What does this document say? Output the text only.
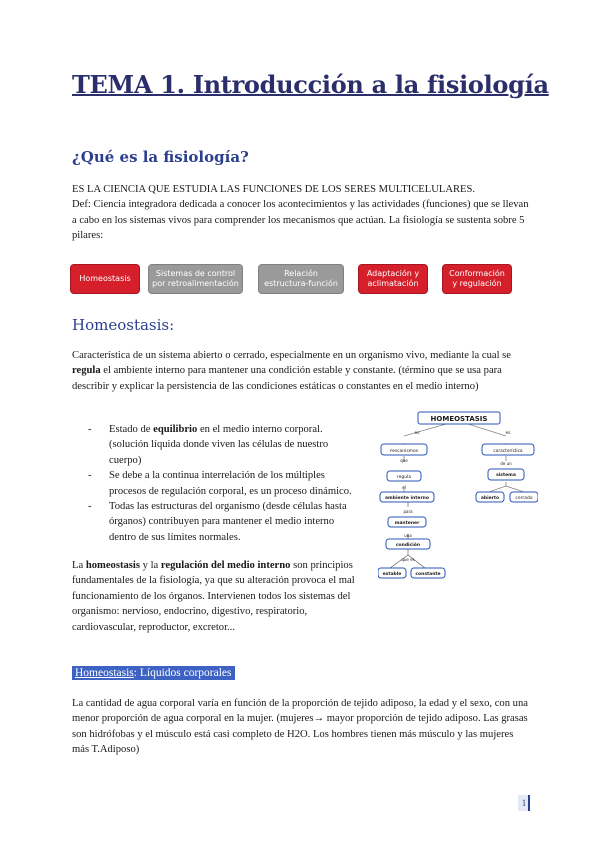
TEMA 1. Introducción a la fisiología
¿Qué es la fisiología?
ES LA CIENCIA QUE ESTUDIA LAS FUNCIONES DE LOS SERES MULTICELULARES.
Def: Ciencia integradora dedicada a conocer los acontecimientos y las actividades (funciones) que se llevan a cabo en los sistemas vivos para comprender los mecanismos que actúan. La fisiología se sustenta sobre 5 pilares:
Homeostasis
Sistemas de control por retroalimentación
Relación estructura-función
Adaptación y aclimatación
Conformación y regulación
Homeostasis:
Característica de un sistema abierto o cerrado, especialmente en un organismo vivo, mediante la cual se regula el ambiente interno para mantener una condición estable y constante. (término que se usa para describir y explicar la persistencia de las condiciones estáticas o constantes en el medio interno)
- Estado de equilibrio en el medio interno corporal.(solución líquida donde viven las células de nuestro cuerpo)
- Se debe a la continua interrelación de los múltiples procesos de regulación corporal, es un proceso dinámico.
- Todas las estructuras del organismo (desde células hasta órganos) contribuyen para mantener el medio interno dentro de sus límites normales.
La homeostasis y la regulación del medio interno son principios fundamentales de la fisiología, ya que su alteración provoca el mal funcionamiento de los órganos. Intervienen todos los sistemas del organismo: nervioso, endocrino, digestivo, respiratorio, cardiovascular, reproductor, excretor...
HOMEOSTASIS
es	es
mecanismos
que
regula
el
ambiente interno
para
mantener
una
condición
que es
estable	constante
característica
de un
sistema
abierto	cerrado
Homeostasis: Líquidos corporales
La cantidad de agua corporal varía en función de la proporción de tejido adiposo, la edad y el sexo, con una menor proporción de agua corporal en la mujer. (mujeres→ mayor proporción de tejido adiposo. Las grasas son hidrófobas y el músculo está casi completo de H2O. Los hombres tienen más músculo y las mujeres más T.Adiposo)
1
